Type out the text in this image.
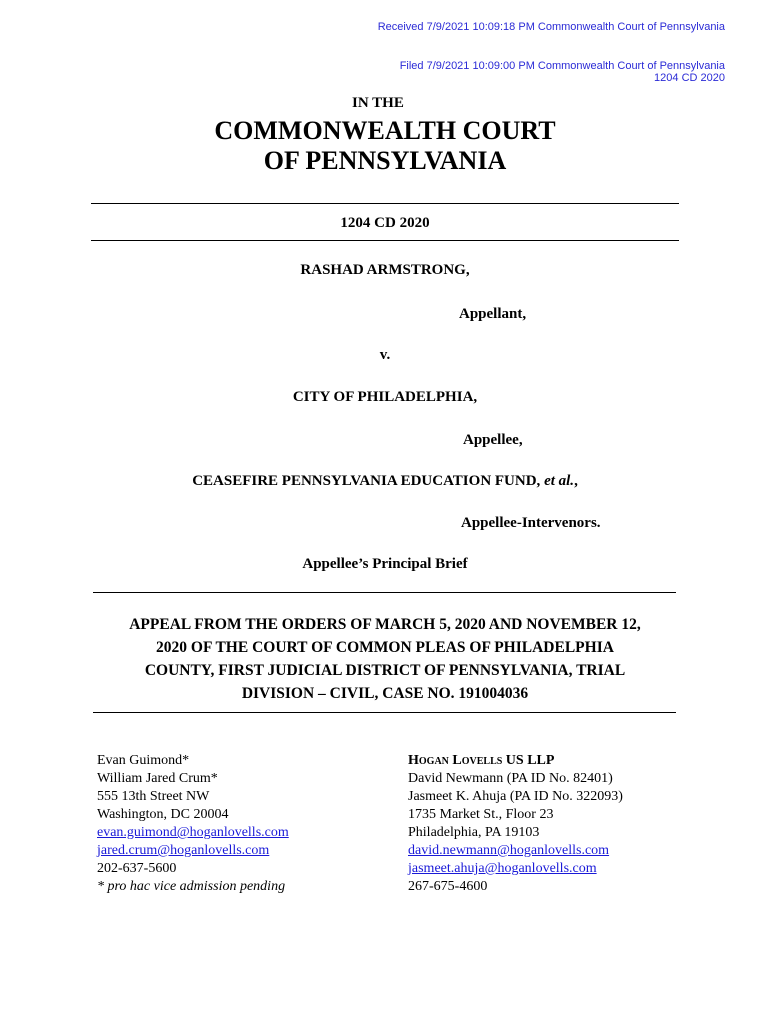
Received 7/9/2021 10:09:18 PM Commonwealth Court of Pennsylvania
Filed 7/9/2021 10:09:00 PM Commonwealth Court of Pennsylvania
1204 CD 2020
IN THE
COMMONWEALTH COURT
OF PENNSYLVANIA
1204 CD 2020
RASHAD ARMSTRONG,
Appellant,
v.
CITY OF PHILADELPHIA,
Appellee,
CEASEFIRE PENNSYLVANIA EDUCATION FUND, et al.,
Appellee-Intervenors.
Appellee’s Principal Brief
APPEAL FROM THE ORDERS OF MARCH 5, 2020 AND NOVEMBER 12,
2020 OF THE COURT OF COMMON PLEAS OF PHILADELPHIA
COUNTY, FIRST JUDICIAL DISTRICT OF PENNSYLVANIA, TRIAL
DIVISION – CIVIL, CASE NO. 191004036
Evan Guimond*
William Jared Crum*
555 13th Street NW
Washington, DC 20004
evan.guimond@hoganlovells.com
jared.crum@hoganlovells.com
202-637-5600
* pro hac vice admission pending
Hogan Lovells US LLP
David Newmann (PA ID No. 82401)
Jasmeet K. Ahuja (PA ID No. 322093)
1735 Market St., Floor 23
Philadelphia, PA 19103
david.newmann@hoganlovells.com
jasmeet.ahuja@hoganlovells.com
267-675-4600
